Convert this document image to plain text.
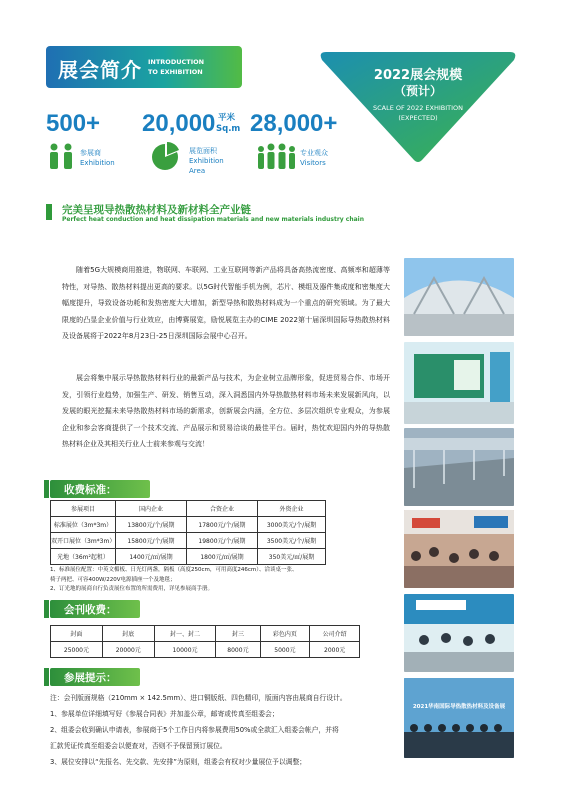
展会简介 INTRODUCTION
TO EXHIBITION	2022展会规模
（预计）
SCALE OF 2022 EXHIBITION
(EXPECTED)
500+
参展商
Exhibition
20,000 平米
Sq.m
展览面积
Exhibition
Area
28,000+
专业观众
Visitors
完美呈现导热散热材料及新材料全产业链
Perfect heat conduction and heat dissipation materials and new materials industry chain
随着5G大规模商用推进，物联网、车联网、工业互联网等新产品将具备高热流密度、高频率和超薄等特性，对导热、散热材料提出更高的要求。以5G时代智能手机为例，芯片、模组及器件集成度和密集度大幅度提升，导致设备功耗和发热密度大大增加，新型导热和散热材料成为一个重点的研究领域。为了最大限度的凸显企业价值与行业效应，由博赛展览，励悦展览主办的CIME 2022第十届深圳国际导热散热材料及设备展将于2022年8月23日-25日深圳国际会展中心召开。
展会将集中展示导热散热材料行业的最新产品与技术，为企业树立品牌形象，促进贸易合作、市场开发，引领行业趋势，加强生产、研发、销售互动，深入洞悉国内外导热散热材料市场未来发展新风向，以发展的眼光挖掘未来导热散热材料市场的新需求，创新展会内涵，全方位、多层次组织专业观众，为参展企业和参会客商提供了一个技术交流、产品展示和贸易洽谈的最佳平台。届时，热忱欢迎国内外的导热散热材料企业及其相关行业人士前来参观与交流！
收费标准：
参展项目	国内企业	合资企业	外资企业
标准展位（3m*3m）	13800元/个/展期	17800元/个/展期	3000美元/个/展期
双开口展位（3m*3m）	15800元/个/展期	19800元/个/展期	3500美元/个/展期
光地（36m²起租）	1400元/㎡/展期	1800元/㎡/展期	350美元/㎡/展期
1、标准展位配置：中英文楣板、日光灯两盏，隔板（高度250cm，可用高度246cm）、洽谈桌一张、
椅子两把、可容400W/220V电源插座一个及地毯；
2、订光地的展商自行负责展位布置的所需费用，详见参展商手册。
会刊收费：
封面	封底	封一、封二	封三	彩色内页	公司介绍
25000元	20000元	10000元	8000元	5000元	2000元
参展提示：
注：会刊版面规格（210mm × 142.5mm）、进口铜版纸、四色精印，版面内容由展商自行设计。
1、参展单位详细填写好《参展合同表》并加盖公章，邮寄或传真至组委会；
2、组委会收到确认申请表，参展商于5个工作日内将参展费用50%或全款汇入组委会帐户，并将
汇款凭证传真至组委会以便查对，否则不予保留预订展位。
3、展位安排以“先报名、先交款、先安排”为原则，组委会有权对少量展位予以调整；
2021华南国际导热散热材料及设备展
